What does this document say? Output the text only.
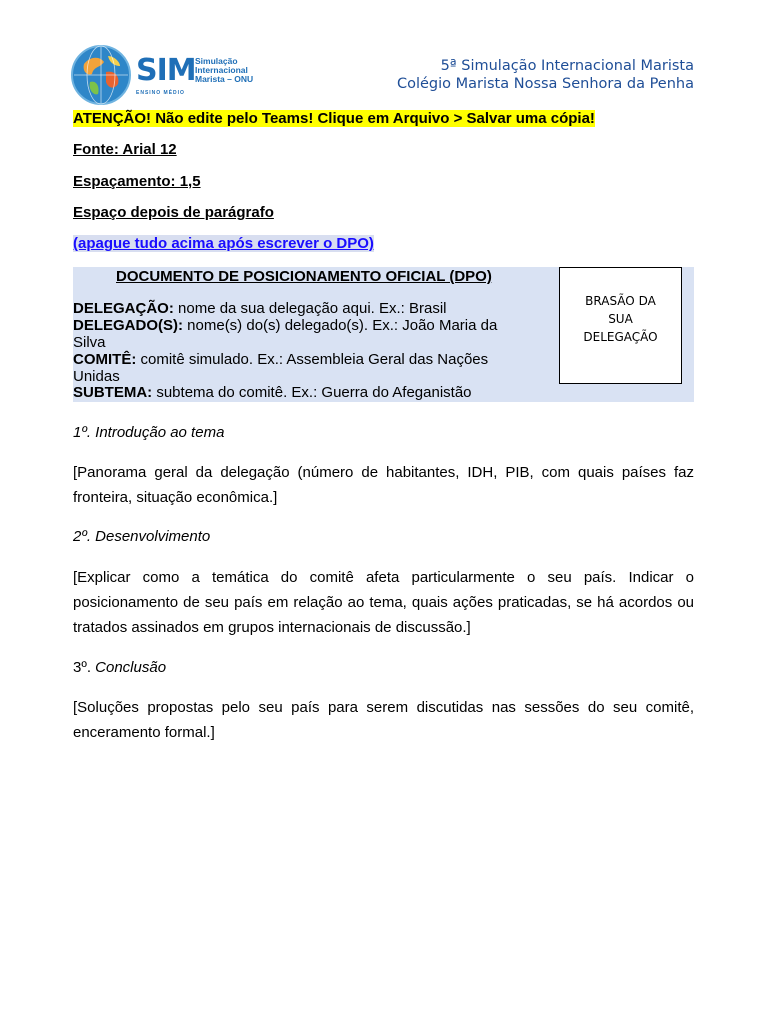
SIM Simulação
Internacional
Marista – ONU
ENSINO MÉDIO
5ª Simulação Internacional Marista
Colégio Marista Nossa Senhora da Penha
ATENÇÃO! Não edite pelo Teams! Clique em Arquivo > Salvar uma cópia!
Fonte: Arial 12
Espaçamento: 1,5
Espaço depois de parágrafo
(apague tudo acima após escrever o DPO)
DOCUMENTO DE POSICIONAMENTO OFICIAL (DPO)
DELEGAÇÃO: nome da sua delegação aqui. Ex.: Brasil
DELEGADO(S): nome(s) do(s) delegado(s). Ex.: João Maria da Silva
COMITÊ: comitê simulado. Ex.: Assembleia Geral das Nações Unidas
SUBTEMA: subtema do comitê. Ex.: Guerra do Afeganistão
BRASÃO DA
SUA
DELEGAÇÃO
1º. Introdução ao tema
[Panorama geral da delegação (número de habitantes, IDH, PIB, com quais países faz fronteira, situação econômica.]
2º. Desenvolvimento
[Explicar como a temática do comitê afeta particularmente o seu país. Indicar o posicionamento de seu país em relação ao tema, quais ações praticadas, se há acordos ou tratados assinados em grupos internacionais de discussão.]
3º. Conclusão
[Soluções propostas pelo seu país para serem discutidas nas sessões do seu comitê, enceramento formal.]
